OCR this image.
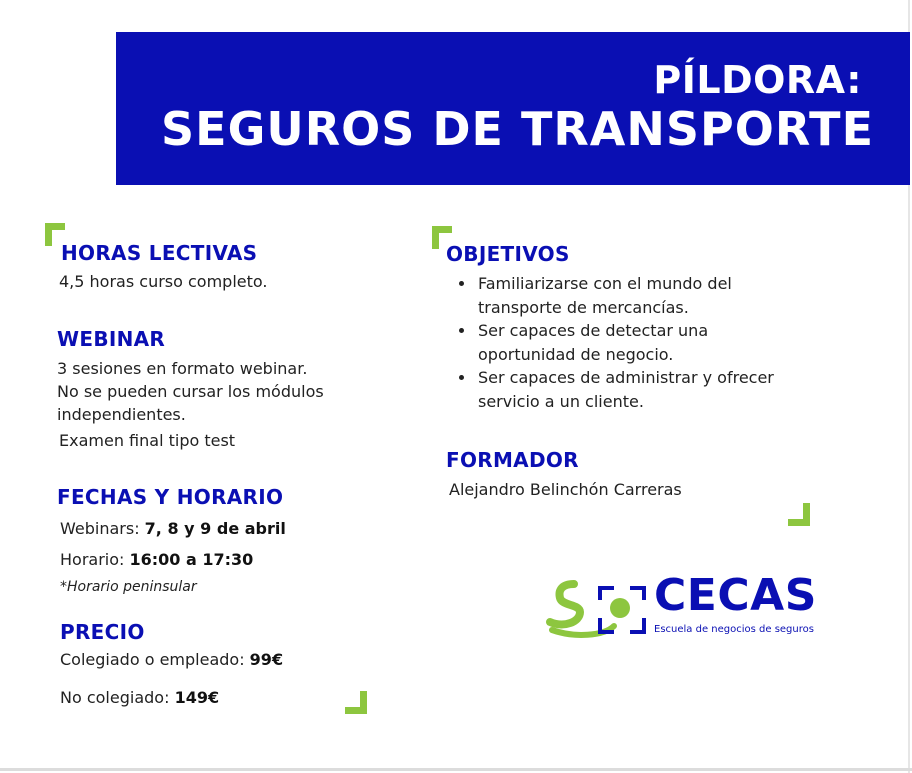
PÍLDORA:
SEGUROS DE TRANSPORTE
HORAS LECTIVAS
4,5 horas curso completo.
WEBINAR
3 sesiones en formato webinar.
No se pueden cursar los módulos
independientes.
Examen final tipo test
FECHAS Y HORARIO
Webinars: 7, 8 y 9 de abril
Horario: 16:00 a 17:30
*Horario peninsular
PRECIO
Colegiado o empleado: 99€
No colegiado: 149€
OBJETIVOS
Familiarizarse con el mundo del
transporte de mercancías.
Ser capaces de detectar una
oportunidad de negocio.
Ser capaces de administrar y ofrecer
servicio a un cliente.
FORMADOR
Alejandro Belinchón Carreras
CECAS
Escuela de negocios de seguros
